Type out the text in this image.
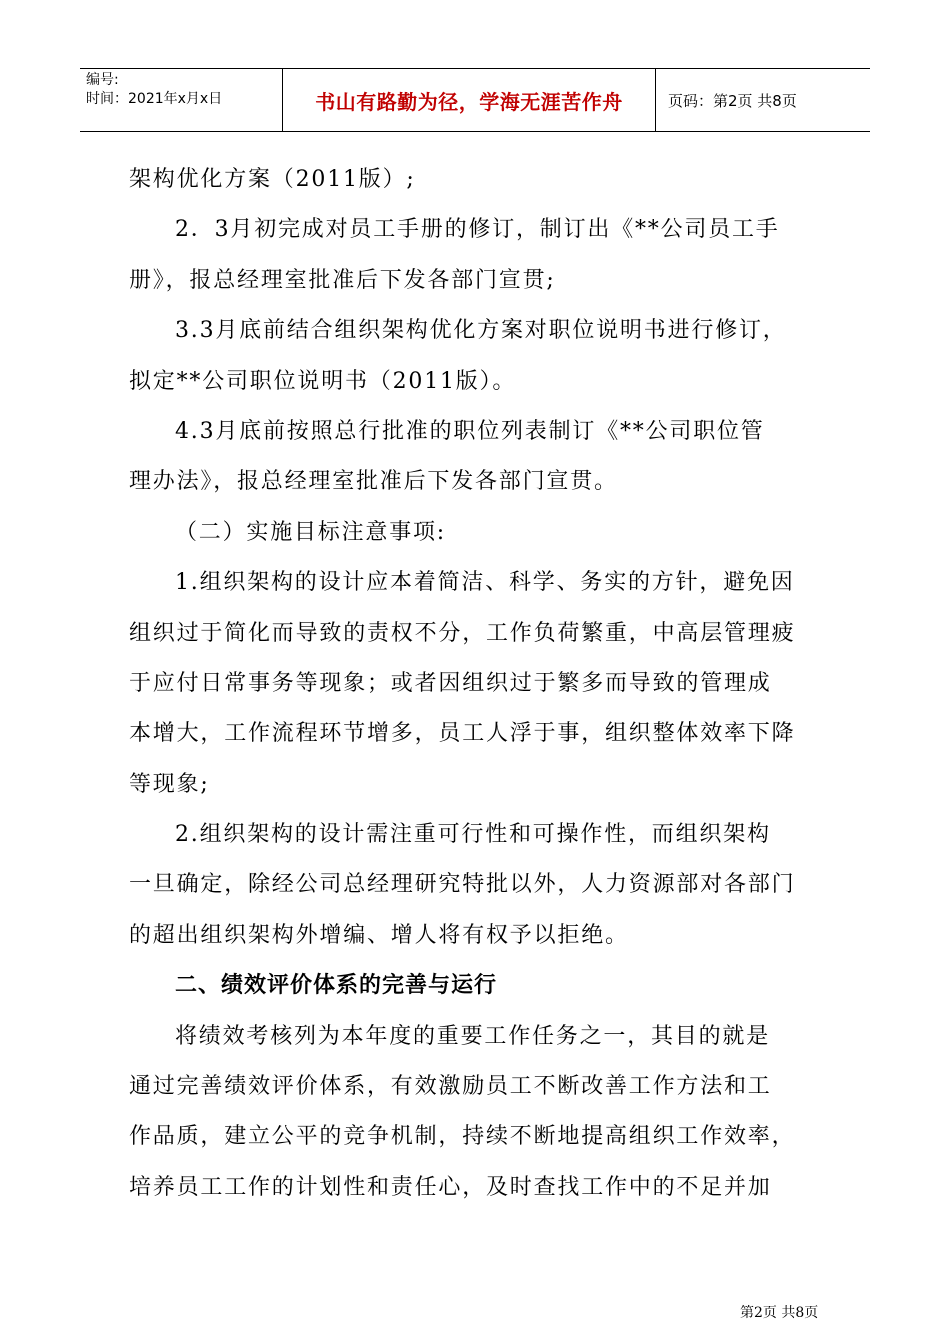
编号:
时间：2021年x月x日	书山有路勤为径，学海无涯苦作舟	页码：第2页 共8页
架构优化方案（2011版）;
2．3月初完成对员工手册的修订，制订出《**公司员工手
册》，报总经理室批准后下发各部门宣贯;
3.3月底前结合组织架构优化方案对职位说明书进行修订，
拟定**公司职位说明书（2011版）。
4.3月底前按照总行批准的职位列表制订《**公司职位管
理办法》，报总经理室批准后下发各部门宣贯。
（二）实施目标注意事项:
1.组织架构的设计应本着简洁、科学、务实的方针，避免因
组织过于简化而导致的责权不分，工作负荷繁重，中高层管理疲
于应付日常事务等现象；或者因组织过于繁多而导致的管理成
本增大，工作流程环节增多，员工人浮于事，组织整体效率下降
等现象;
2.组织架构的设计需注重可行性和可操作性，而组织架构
一旦确定，除经公司总经理研究特批以外，人力资源部对各部门
的超出组织架构外增编、增人将有权予以拒绝。
二、绩效评价体系的完善与运行
将绩效考核列为本年度的重要工作任务之一，其目的就是
通过完善绩效评价体系，有效激励员工不断改善工作方法和工
作品质，建立公平的竞争机制，持续不断地提高组织工作效率，
培养员工工作的计划性和责任心，及时查找工作中的不足并加
第2页 共8页
